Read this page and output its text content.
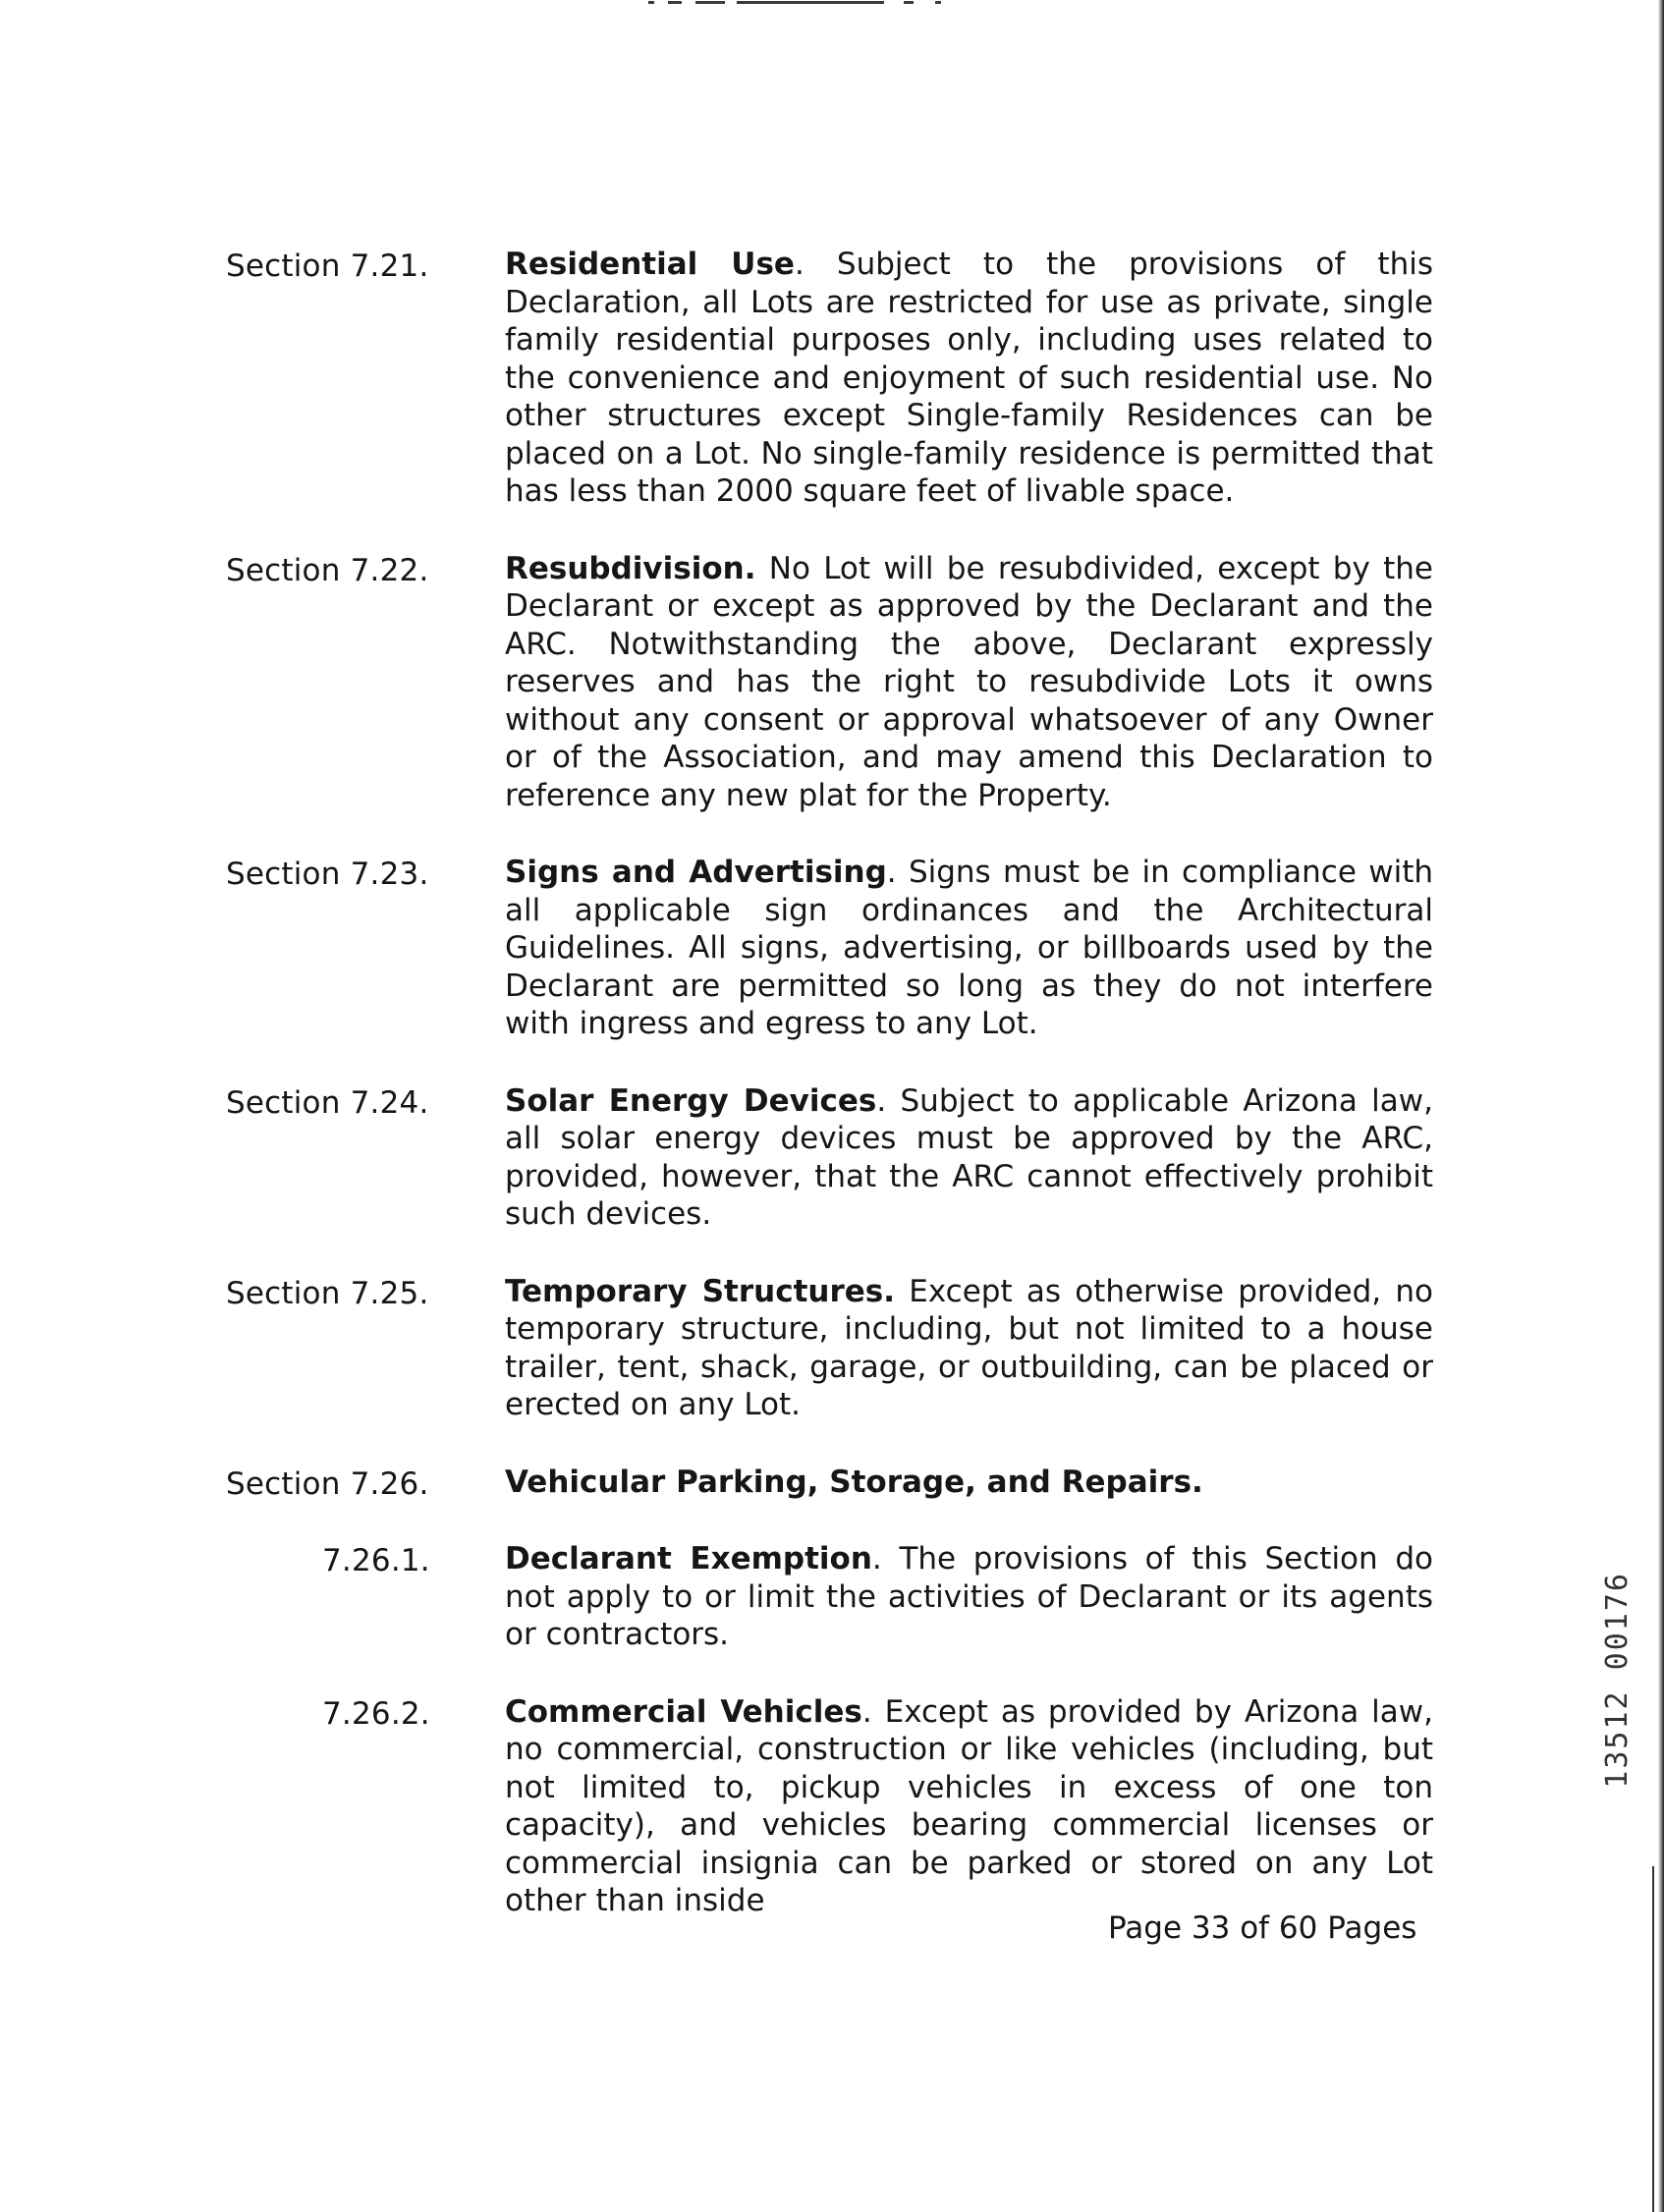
Section 7.21. Residential Use. Subject to the provisions of this Declaration, all Lots are restricted for use as private, single family residential purposes only, including uses related to the convenience and enjoyment of such residential use. No other structures except Single-family Residences can be placed on a Lot. No single-family residence is permitted that has less than 2000 square feet of livable space.
Section 7.22. Resubdivision. No Lot will be resubdivided, except by the Declarant or except as approved by the Declarant and the ARC. Notwithstanding the above, Declarant expressly reserves and has the right to resubdivide Lots it owns without any consent or approval whatsoever of any Owner or of the Association, and may amend this Declaration to reference any new plat for the Property.
Section 7.23. Signs and Advertising. Signs must be in compliance with all applicable sign ordinances and the Architectural Guidelines. All signs, advertising, or billboards used by the Declarant are permitted so long as they do not interfere with ingress and egress to any Lot.
Section 7.24. Solar Energy Devices. Subject to applicable Arizona law, all solar energy devices must be approved by the ARC, provided, however, that the ARC cannot effectively prohibit such devices.
Section 7.25. Temporary Structures. Except as otherwise provided, no temporary structure, including, but not limited to a house trailer, tent, shack, garage, or outbuilding, can be placed or erected on any Lot.
Section 7.26. Vehicular Parking, Storage, and Repairs.
7.26.1. Declarant Exemption. The provisions of this Section do not apply to or limit the activities of Declarant or its agents or contractors.
7.26.2. Commercial Vehicles. Except as provided by Arizona law, no commercial, construction or like vehicles (including, but not limited to, pickup vehicles in excess of one ton capacity), and vehicles bearing commercial licenses or commercial insignia can be parked or stored on any Lot other than inside
Page 33 of 60 Pages
13512 00176
